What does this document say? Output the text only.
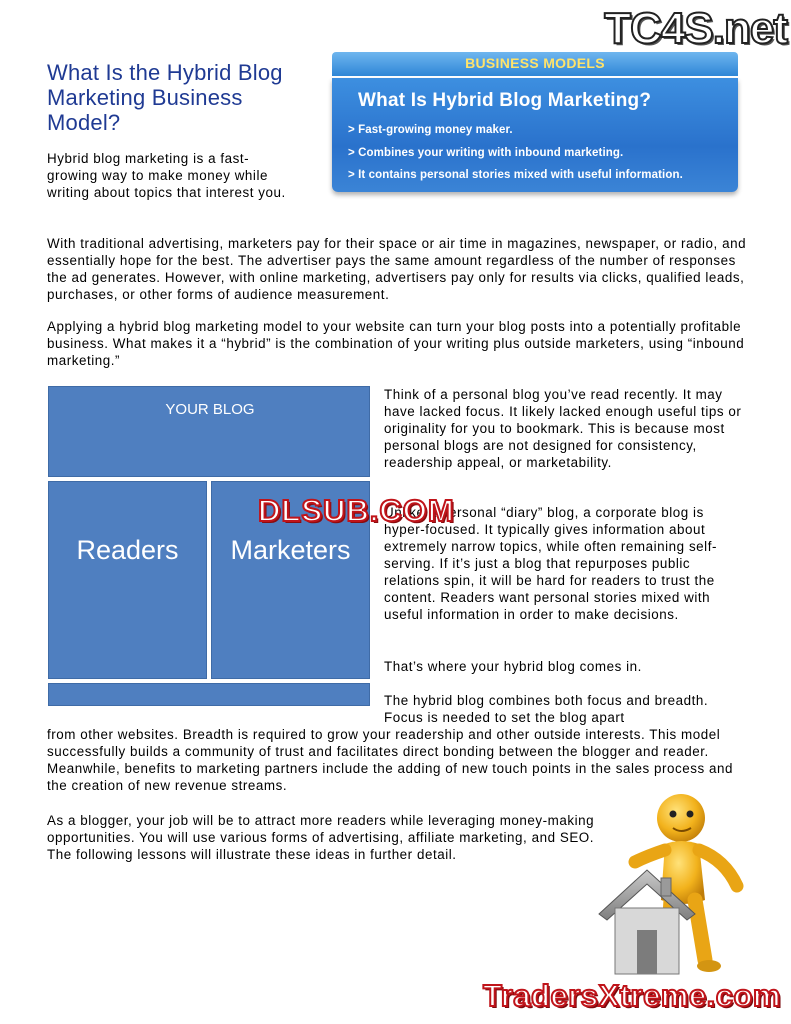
What Is the Hybrid Blog Marketing Business Model?
BUSINESS MODELS
What Is Hybrid Blog Marketing?
> Fast-growing money maker.
> Combines your writing with inbound marketing.
> It contains personal stories mixed with useful information.

Hybrid blog marketing is a fast-growing way to make money while writing about topics that interest you.

With traditional advertising, marketers pay for their space or air time in magazines, newspaper, or radio, and essentially hope for the best. The advertiser pays the same amount regardless of the number of responses the ad generates. However, with online marketing, advertisers pay only for results via clicks, qualified leads, purchases, or other forms of audience measurement.

Applying a hybrid blog marketing model to your website can turn your blog posts into a potentially profitable business. What makes it a “hybrid” is the combination of your writing plus outside marketers, using “inbound marketing.”

YOUR BLOG
Readers	Marketers

Think of a personal blog you’ve read recently. It may have lacked focus. It likely lacked enough useful tips or originality for you to bookmark. This is because most personal blogs are not designed for consistency, readership appeal, or marketability.

Unlike a personal “diary” blog, a corporate blog is hyper-focused. It typically gives information about extremely narrow topics, while often remaining self-serving. If it’s just a blog that repurposes public relations spin, it will be hard for readers to trust the content. Readers want personal stories mixed with useful information in order to make decisions.

That’s where your hybrid blog comes in.

The hybrid blog combines both focus and breadth. Focus is needed to set the blog apart

from other websites. Breadth is required to grow your readership and other outside interests. This model successfully builds a community of trust and facilitates direct bonding between the blogger and reader. Meanwhile, benefits to marketing partners include the adding of new touch points in the sales process and the creation of new revenue streams.

As a blogger, your job will be to attract more readers while leveraging money-making opportunities. You will use various forms of advertising, affiliate marketing, and SEO. The following lessons will illustrate these ideas in further detail.

TC4S.net
DLSUB.COM
TradersXtreme.com
